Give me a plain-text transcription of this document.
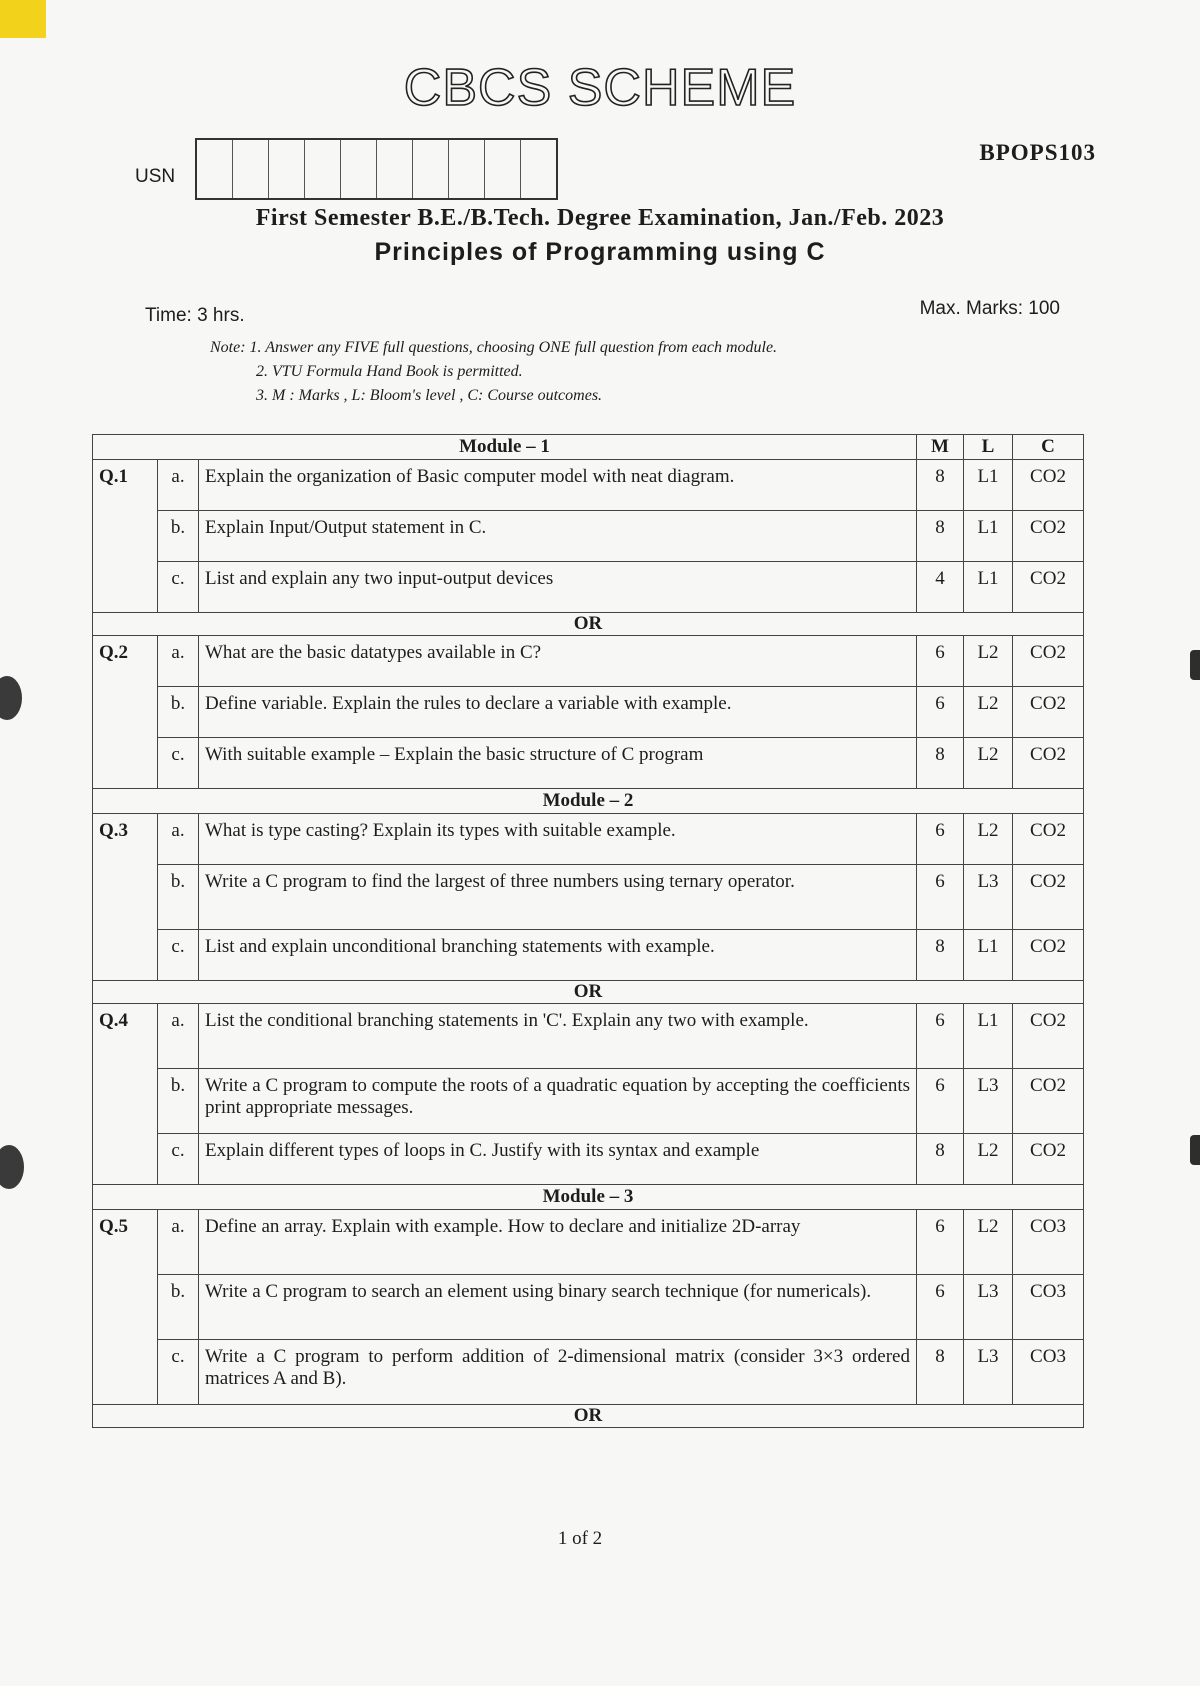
CBCS SCHEME
USN
BPOPS103
First Semester B.E./B.Tech. Degree Examination, Jan./Feb. 2023
Principles of Programming using C
Time: 3 hrs.	Max. Marks: 100
Note: 1. Answer any FIVE full questions, choosing ONE full question from each module.
2. VTU Formula Hand Book is permitted.
3. M : Marks , L: Bloom's level , C: Course outcomes.
Module – 1			M	L	C
Q.1	a.	Explain the organization of Basic computer model with neat diagram.	8	L1	CO2
	b.	Explain Input/Output statement in C.	8	L1	CO2
	c.	List and explain any two input-output devices	4	L1	CO2
OR					
Q.2	a.	What are the basic datatypes available in C?	6	L2	CO2
	b.	Define variable. Explain the rules to declare a variable with example.	6	L2	CO2
	c.	With suitable example – Explain the basic structure of C program	8	L2	CO2
Module – 2					
Q.3	a.	What is type casting? Explain its types with suitable example.	6	L2	CO2
	b.	Write a C program to find the largest of three numbers using ternary operator.	6	L3	CO2
	c.	List and explain unconditional branching statements with example.	8	L1	CO2
OR					
Q.4	a.	List the conditional branching statements in 'C'. Explain any two with example.	6	L1	CO2
	b.	Write a C program to compute the roots of a quadratic equation by accepting the coefficients print appropriate messages.	6	L3	CO2
	c.	Explain different types of loops in C. Justify with its syntax and example	8	L2	CO2
Module – 3					
Q.5	a.	Define an array. Explain with example. How to declare and initialize 2D-array	6	L2	CO3
	b.	Write a C program to search an element using binary search technique (for numericals).	6	L3	CO3
	c.	Write a C program to perform addition of 2-dimensional matrix (consider 3×3 ordered matrices A and B).	8	L3	CO3
OR					
1 of 2
